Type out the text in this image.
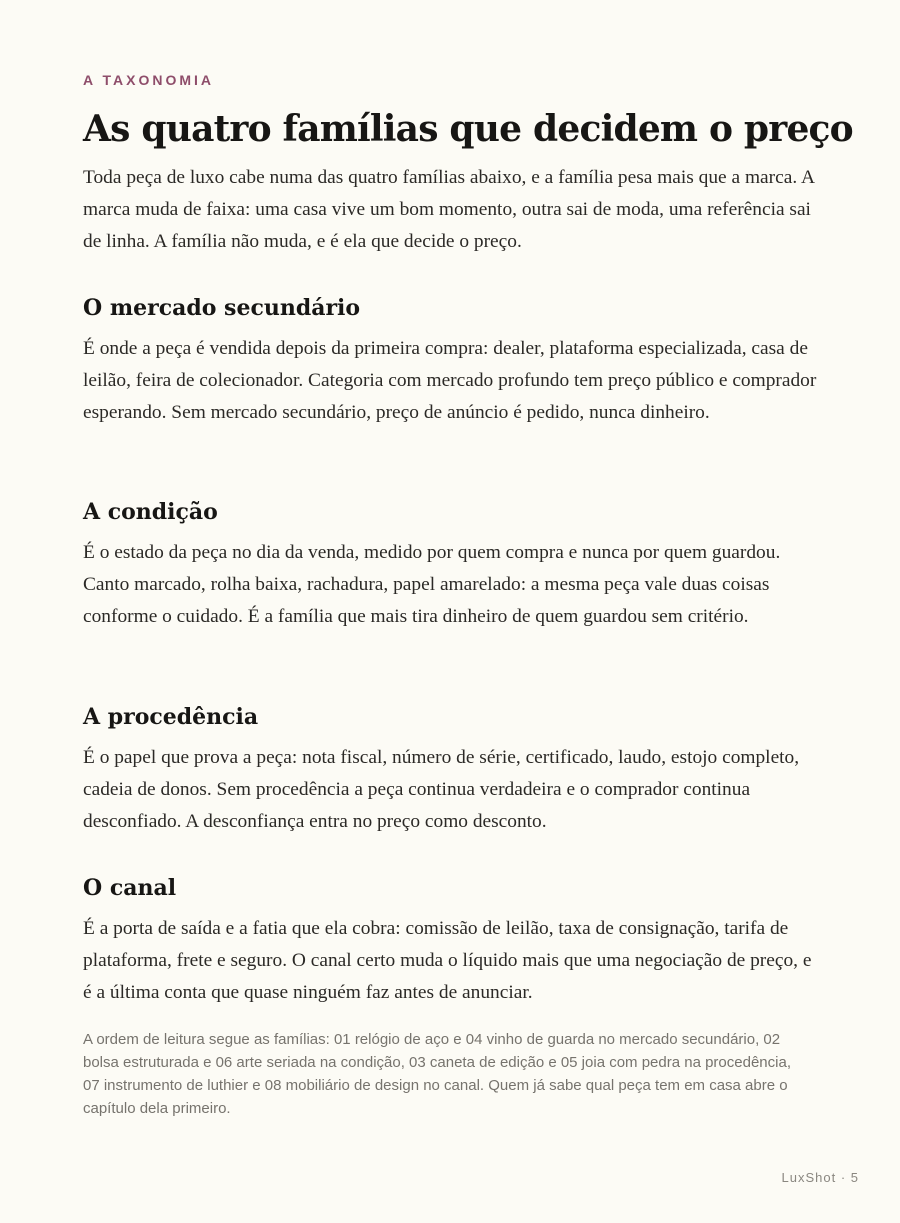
A TAXONOMIA

As quatro famílias que decidem o preço

Toda peça de luxo cabe numa das quatro famílias abaixo, e a família pesa mais que a marca. A marca muda de faixa: uma casa vive um bom momento, outra sai de moda, uma referência sai de linha. A família não muda, e é ela que decide o preço.

O mercado secundário

É onde a peça é vendida depois da primeira compra: dealer, plataforma especializada, casa de leilão, feira de colecionador. Categoria com mercado profundo tem preço público e comprador esperando. Sem mercado secundário, preço de anúncio é pedido, nunca dinheiro.

A condição

É o estado da peça no dia da venda, medido por quem compra e nunca por quem guardou. Canto marcado, rolha baixa, rachadura, papel amarelado: a mesma peça vale duas coisas conforme o cuidado. É a família que mais tira dinheiro de quem guardou sem critério.

A procedência

É o papel que prova a peça: nota fiscal, número de série, certificado, laudo, estojo completo, cadeia de donos. Sem procedência a peça continua verdadeira e o comprador continua desconfiado. A desconfiança entra no preço como desconto.

O canal

É a porta de saída e a fatia que ela cobra: comissão de leilão, taxa de consignação, tarifa de plataforma, frete e seguro. O canal certo muda o líquido mais que uma negociação de preço, e é a última conta que quase ninguém faz antes de anunciar.

A ordem de leitura segue as famílias: 01 relógio de aço e 04 vinho de guarda no mercado secundário, 02 bolsa estruturada e 06 arte seriada na condição, 03 caneta de edição e 05 joia com pedra na procedência, 07 instrumento de luthier e 08 mobiliário de design no canal. Quem já sabe qual peça tem em casa abre o capítulo dela primeiro.

LuxShot · 5
